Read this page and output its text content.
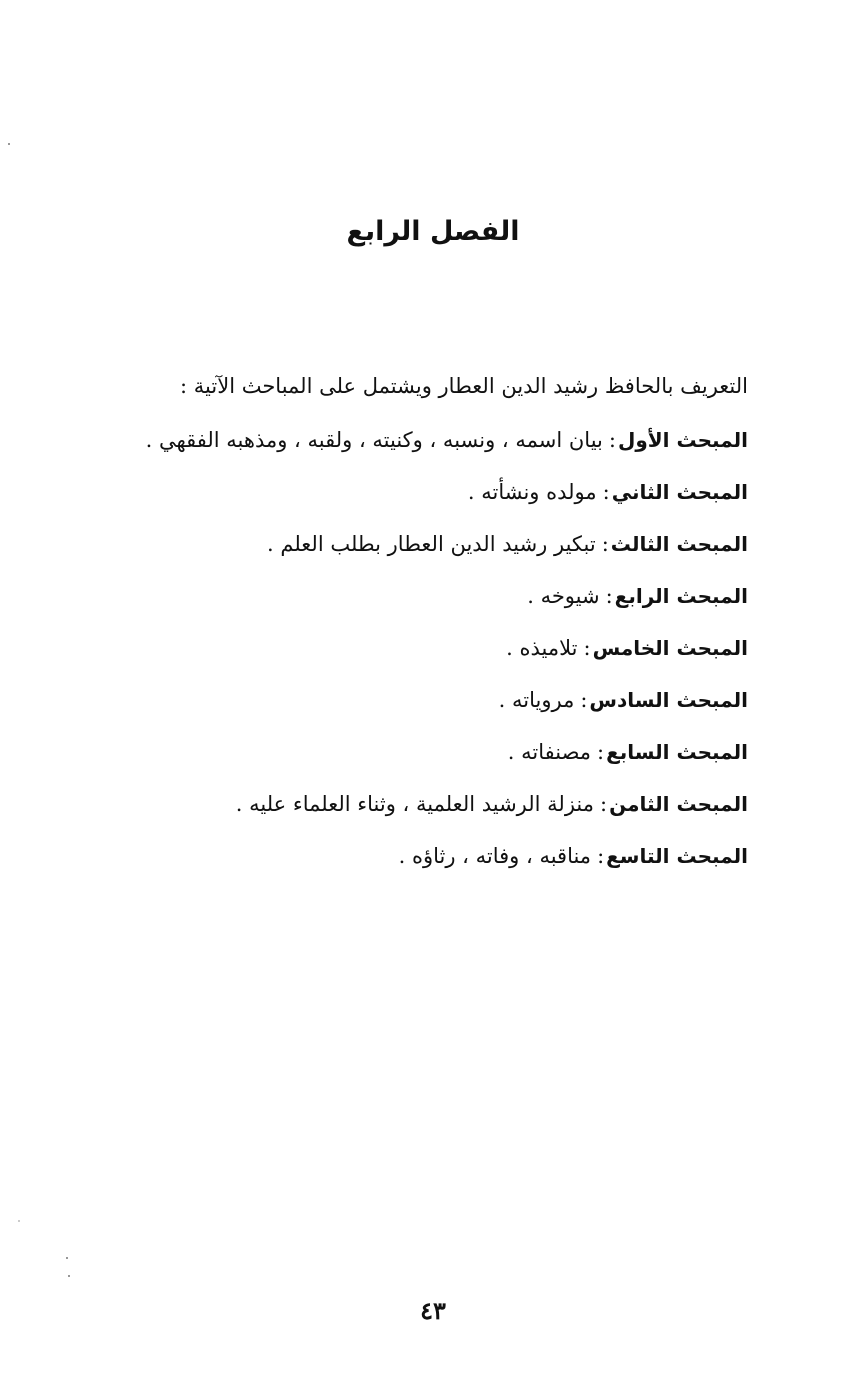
الفصل الرابع
التعريف بالحافظ رشيد الدين العطار ويشتمل على المباحث الآتية :
المبحث الأول:بيان اسمه ، ونسبه ، وكنيته ، ولقبه ، ومذهبه الفقهي .
المبحث الثاني:مولده ونشأته .
المبحث الثالث:تبكير رشيد الدين العطار بطلب العلم .
المبحث الرابع:شيوخه .
المبحث الخامس:تلاميذه .
المبحث السادس:مروياته .
المبحث السابع:مصنفاته .
المبحث الثامن:منزلة الرشيد العلمية ، وثناء العلماء عليه .
المبحث التاسع:مناقبه ، وفاته ، رثاؤه .
٤٣
